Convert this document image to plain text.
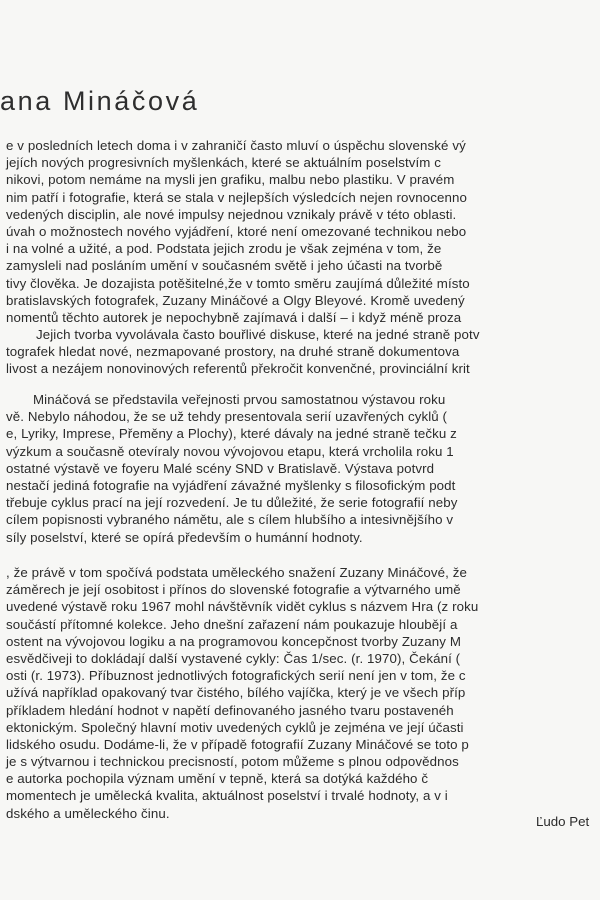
ana Mináčová
e v posledních letech doma i v zahraničí často mluví o úspěchu slovenské vý
jejích nových progresivních myšlenkách, které se aktuálním poselstvím c
nikovi, potom nemáme na mysli jen grafiku, malbu nebo plastiku. V pravém
nim patří i fotografie, která se stala v nejlepších výsledcích nejen rovnocenno
vedených disciplin, ale nové impulsy nejednou vznikaly právě v této oblasti.
úvah o možnostech nového vyjádření, ktoré není omezované technikou nebo
i na volné a užité, a pod. Podstata jejich zrodu je však zejména v tom, že
zamysleli nad posláním umění v současném světě i jeho účasti na tvorbě
tivy člověka. Je dozajista potěšitelné,že v tomto směru zaujímá důležité místo
bratislavských fotografek, Zuzany Mináčové a Olgy Bleyové. Kromě uvedený
nomentů těchto autorek je nepochybně zajímavá i další – i když méně proza
Jejich tvorba vyvolávala často bouřlivé diskuse, které na jedné straně potv
tografek hledat nové, nezmapované prostory, na druhé straně dokumentova
livost a nezájem nonovinových referentů překročit konvenčné, provinciální krit
Mináčová se představila veřejnosti prvou samostatnou výstavou roku
vě. Nebylo náhodou, že se už tehdy presentovala serií uzavřených cyklů (
e, Lyriky, Imprese, Přeměny a Plochy), které dávaly na jedné straně tečku z
výzkum a současně otevíraly novou vývojovou etapu, která vrcholila roku 1
ostatné výstavě ve foyeru Malé scény SND v Bratislavě. Výstava potvrd
nestačí jediná fotografie na vyjádření závažné myšlenky s filosofickým podt
třebuje cyklus prací na její rozvedení. Je tu důležité, že serie fotografií neby
cílem popisnosti vybraného námětu, ale s cílem hlubšího a intesivnějšího v
síly poselství, které se opírá především o humánní hodnoty.
, že právě v tom spočívá podstata uměleckého snažení Zuzany Mináčové, že
záměrech je její osobitost i přínos do slovenské fotografie a výtvarného umě
uvedené výstavě roku 1967 mohl návštěvník vidět cyklus s názvem Hra (z roku
součástí přítomné kolekce. Jeho dnešní zařazení nám poukazuje hloubějí a
ostent na vývojovou logiku a na programovou koncepčnost tvorby Zuzany M
esvědčiveji to dokládají další vystavené cykly: Čas 1/sec. (r. 1970), Čekání (
osti (r. 1973). Příbuznost jednotlivých fotografických serií není jen v tom, že c
užívá například opakovaný tvar čistého, bílého vajíčka, který je ve všech příp
příkladem hledání hodnot v napětí definovaného jasného tvaru postavenéh
ektonickým. Společný hlavní motiv uvedených cyklů je zejména ve její účasti
lidského osudu. Dodáme-li, že v případě fotografií Zuzany Mináčové se toto p
je s výtvarnou i technickou precisností, potom můžeme s plnou odpovědnos
e autorka pochopila význam umění v tepně, která sa dotýká každého č
momentech je umělecká kvalita, aktuálnost poselství i trvalé hodnoty, a v i
dského a uměleckého činu.
Ľudo Pet
